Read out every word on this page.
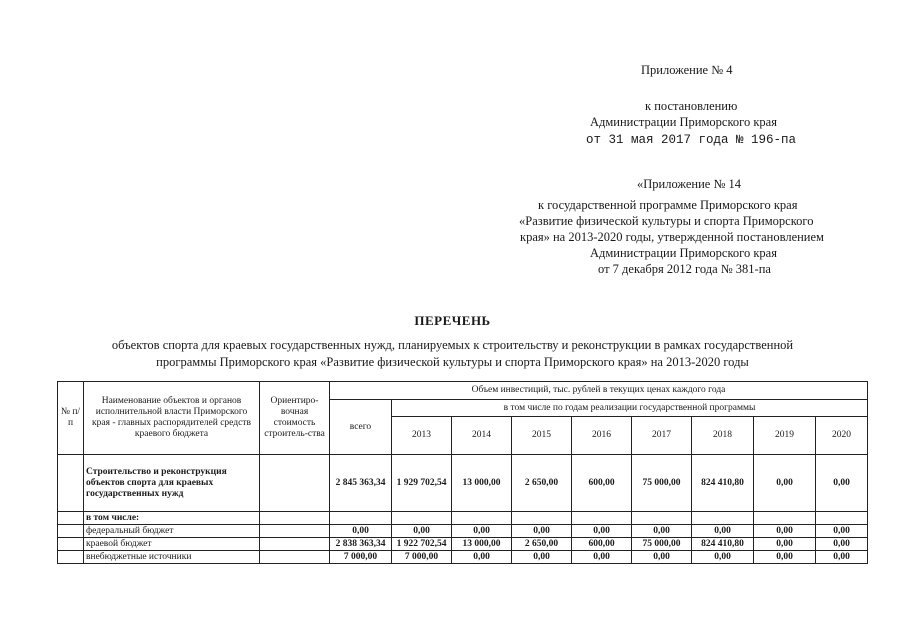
Приложение № 4
к постановлению
Администрации Приморского края
от 31 мая 2017 года № 196-па
«Приложение № 14
к государственной программе Приморского края
«Развитие физической культуры и спорта Приморского
края» на 2013-2020 годы, утвержденной постановлением
Администрации Приморского края
от 7 декабря 2012 года № 381-па
ПЕРЕЧЕНЬ
объектов спорта для краевых государственных нужд, планируемых к строительству и реконструкции в рамках государственной
программы Приморского края «Развитие физической культуры и спорта Приморского края» на 2013-2020 годы
№ п/п	Наименование объектов и органов исполнительной власти Приморского края - главных распорядителей средств краевого бюджета	Ориентиро-вочная стоимость строитель-ства	Объем инвестиций, тыс. рублей в текущих ценах каждого года								
			всего	в том числе по годам реализации государственной программы							
				2013	2014	2015	2016	2017	2018	2019	2020
	Строительство и реконструкция объектов спорта для краевых государственных нужд		2 845 363,34	1 929 702,54	13 000,00	2 650,00	600,00	75 000,00	824 410,80	0,00	0,00
	в том числе:										
	федеральный бюджет		0,00	0,00	0,00	0,00	0,00	0,00	0,00	0,00	0,00
	краевой бюджет		2 838 363,34	1 922 702,54	13 000,00	2 650,00	600,00	75 000,00	824 410,80	0,00	0,00
	внебюджетные источники		7 000,00	7 000,00	0,00	0,00	0,00	0,00	0,00	0,00	0,00
